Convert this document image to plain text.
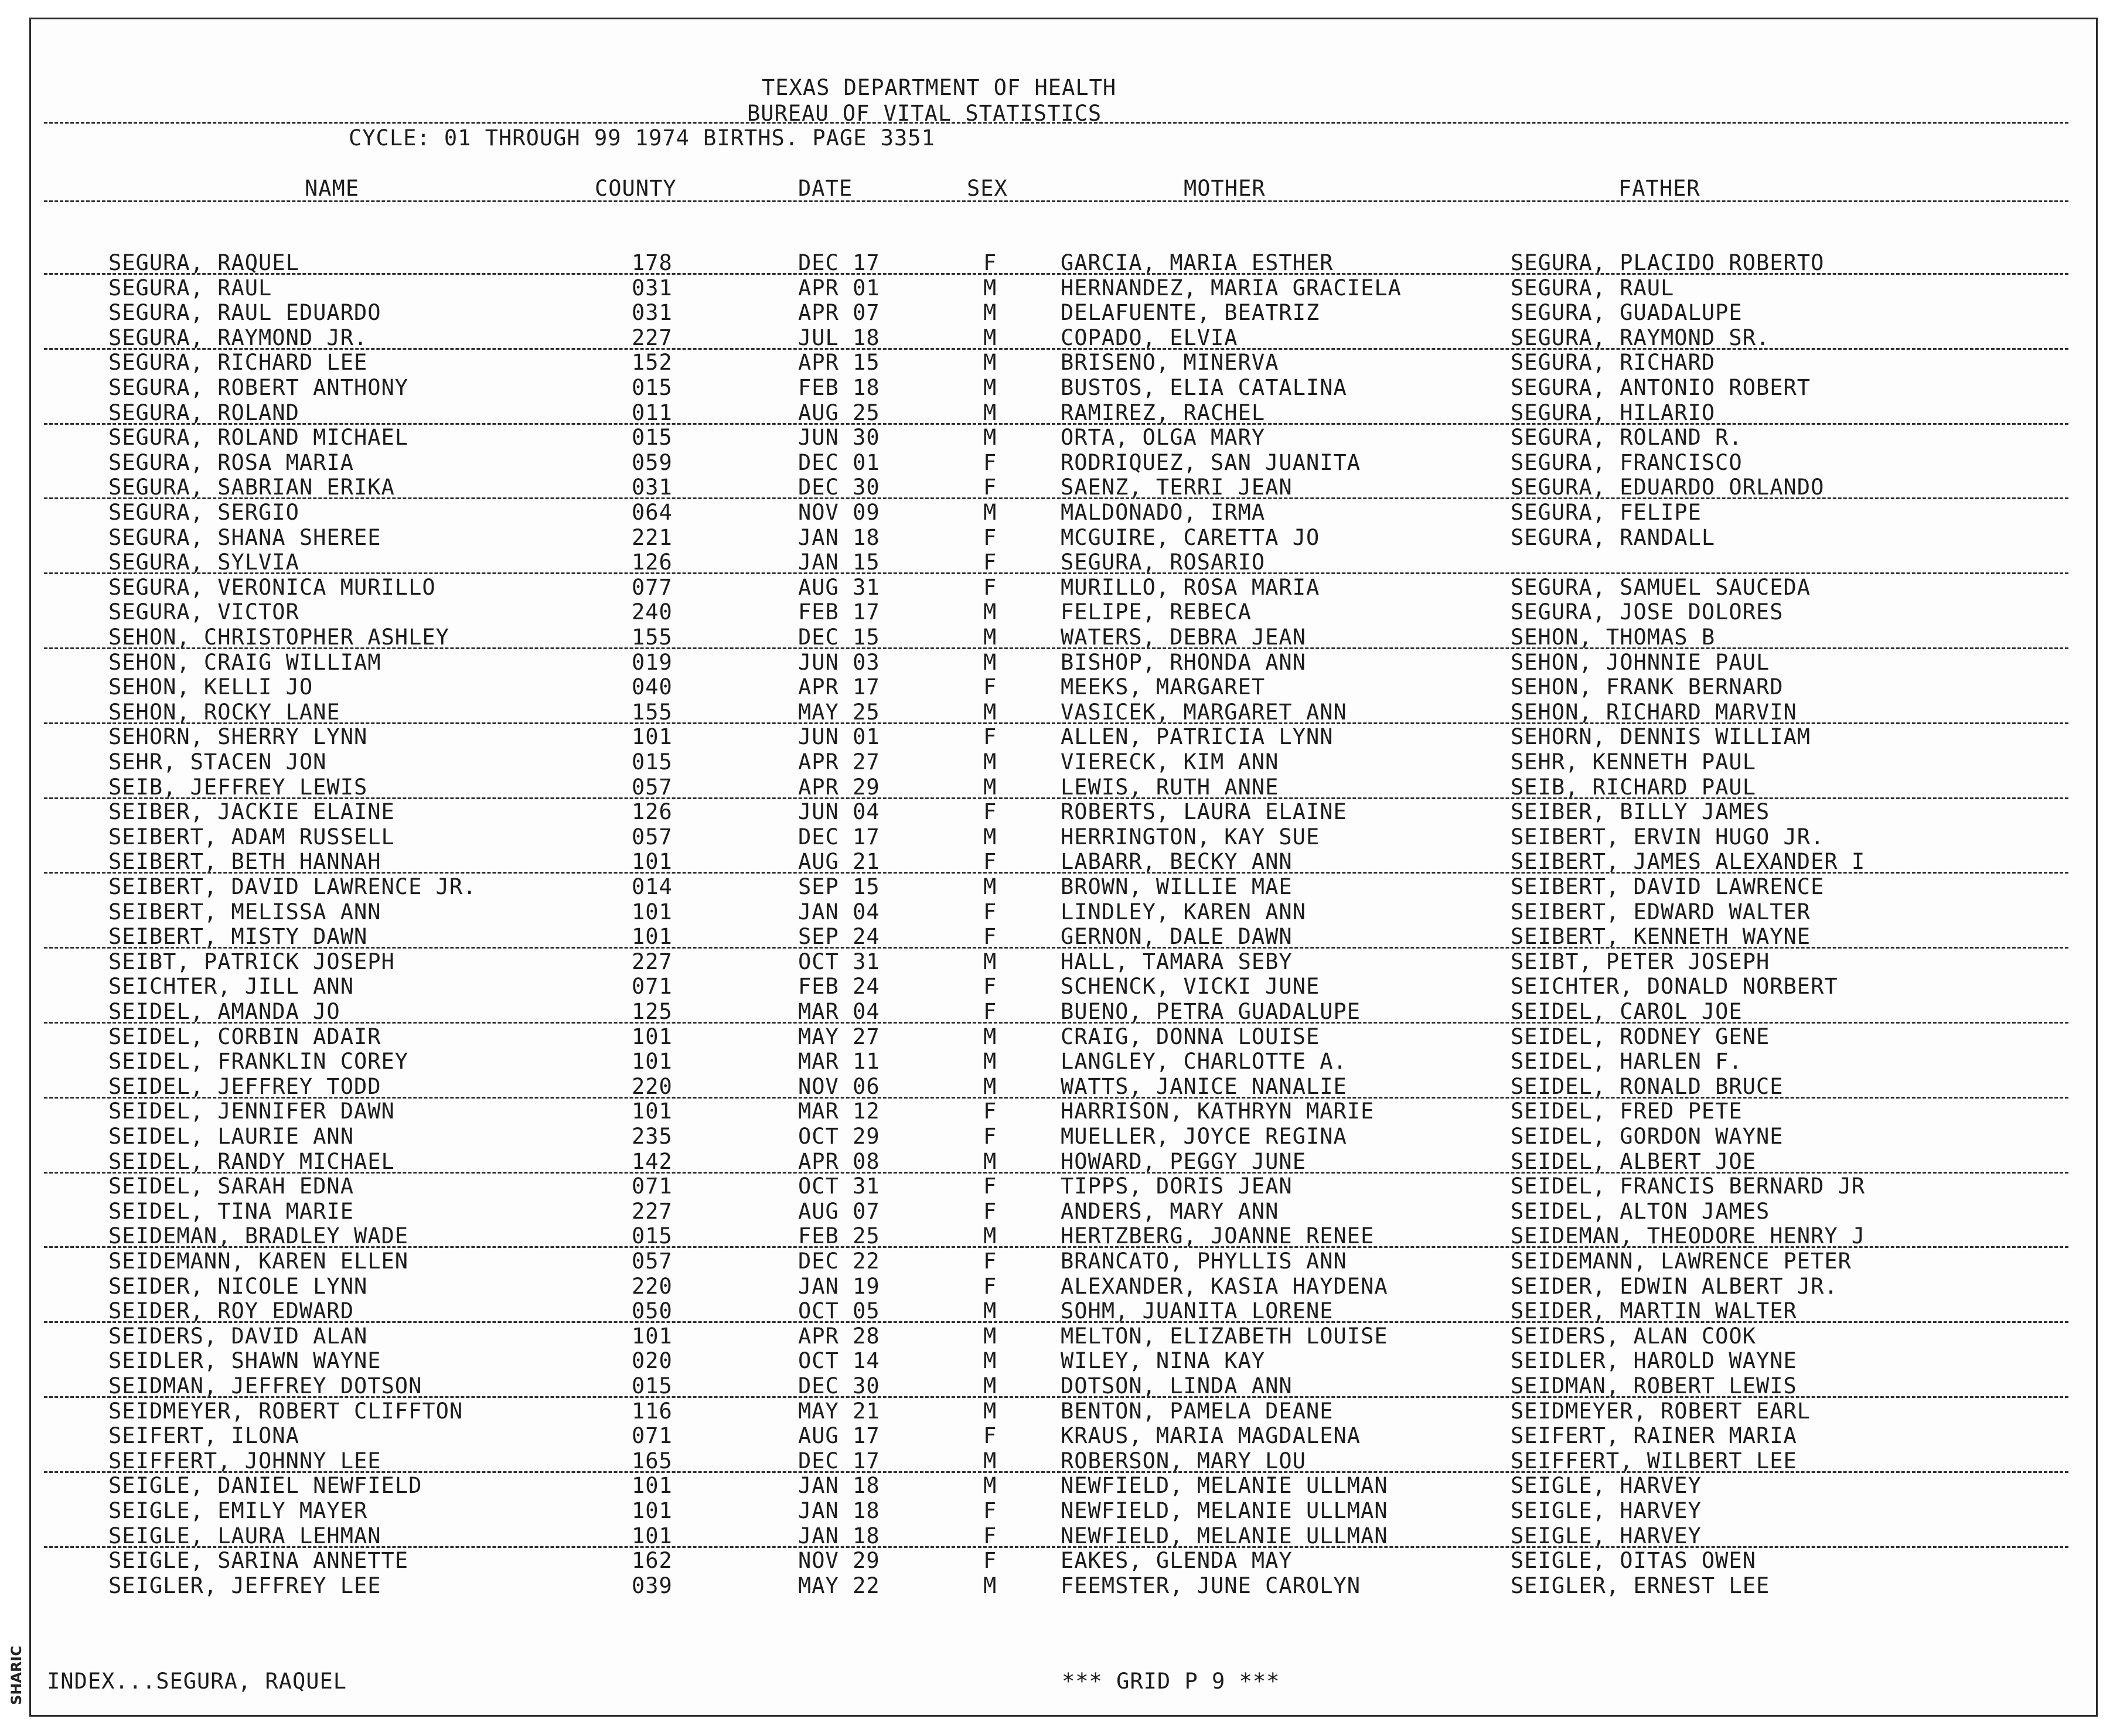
TEXAS DEPARTMENT OF HEALTH
BUREAU OF VITAL STATISTICS
CYCLE: 01 THROUGH 99 1974 BIRTHS. PAGE 3351
NAME	COUNTY	DATE	SEX	MOTHER	FATHER
SEGURA, RAQUEL	178	DEC 17	F	GARCIA, MARIA ESTHER	SEGURA, PLACIDO ROBERTO
SEGURA, RAUL	031	APR 01	M	HERNANDEZ, MARIA GRACIELA	SEGURA, RAUL
SEGURA, RAUL EDUARDO	031	APR 07	M	DELAFUENTE, BEATRIZ	SEGURA, GUADALUPE
SEGURA, RAYMOND JR.	227	JUL 18	M	COPADO, ELVIA	SEGURA, RAYMOND SR.
SEGURA, RICHARD LEE	152	APR 15	M	BRISENO, MINERVA	SEGURA, RICHARD
SEGURA, ROBERT ANTHONY	015	FEB 18	M	BUSTOS, ELIA CATALINA	SEGURA, ANTONIO ROBERT
SEGURA, ROLAND	011	AUG 25	M	RAMIREZ, RACHEL	SEGURA, HILARIO
SEGURA, ROLAND MICHAEL	015	JUN 30	M	ORTA, OLGA MARY	SEGURA, ROLAND R.
SEGURA, ROSA MARIA	059	DEC 01	F	RODRIQUEZ, SAN JUANITA	SEGURA, FRANCISCO
SEGURA, SABRIAN ERIKA	031	DEC 30	F	SAENZ, TERRI JEAN	SEGURA, EDUARDO ORLANDO
SEGURA, SERGIO	064	NOV 09	M	MALDONADO, IRMA	SEGURA, FELIPE
SEGURA, SHANA SHEREE	221	JAN 18	F	MCGUIRE, CARETTA JO	SEGURA, RANDALL
SEGURA, SYLVIA	126	JAN 15	F	SEGURA, ROSARIO
SEGURA, VERONICA MURILLO	077	AUG 31	F	MURILLO, ROSA MARIA	SEGURA, SAMUEL SAUCEDA
SEGURA, VICTOR	240	FEB 17	M	FELIPE, REBECA	SEGURA, JOSE DOLORES
SEHON, CHRISTOPHER ASHLEY	155	DEC 15	M	WATERS, DEBRA JEAN	SEHON, THOMAS B
SEHON, CRAIG WILLIAM	019	JUN 03	M	BISHOP, RHONDA ANN	SEHON, JOHNNIE PAUL
SEHON, KELLI JO	040	APR 17	F	MEEKS, MARGARET	SEHON, FRANK BERNARD
SEHON, ROCKY LANE	155	MAY 25	M	VASICEK, MARGARET ANN	SEHON, RICHARD MARVIN
SEHORN, SHERRY LYNN	101	JUN 01	F	ALLEN, PATRICIA LYNN	SEHORN, DENNIS WILLIAM
SEHR, STACEN JON	015	APR 27	M	VIERECK, KIM ANN	SEHR, KENNETH PAUL
SEIB, JEFFREY LEWIS	057	APR 29	M	LEWIS, RUTH ANNE	SEIB, RICHARD PAUL
SEIBER, JACKIE ELAINE	126	JUN 04	F	ROBERTS, LAURA ELAINE	SEIBER, BILLY JAMES
SEIBERT, ADAM RUSSELL	057	DEC 17	M	HERRINGTON, KAY SUE	SEIBERT, ERVIN HUGO JR.
SEIBERT, BETH HANNAH	101	AUG 21	F	LABARR, BECKY ANN	SEIBERT, JAMES ALEXANDER I
SEIBERT, DAVID LAWRENCE JR.	014	SEP 15	M	BROWN, WILLIE MAE	SEIBERT, DAVID LAWRENCE
SEIBERT, MELISSA ANN	101	JAN 04	F	LINDLEY, KAREN ANN	SEIBERT, EDWARD WALTER
SEIBERT, MISTY DAWN	101	SEP 24	F	GERNON, DALE DAWN	SEIBERT, KENNETH WAYNE
SEIBT, PATRICK JOSEPH	227	OCT 31	M	HALL, TAMARA SEBY	SEIBT, PETER JOSEPH
SEICHTER, JILL ANN	071	FEB 24	F	SCHENCK, VICKI JUNE	SEICHTER, DONALD NORBERT
SEIDEL, AMANDA JO	125	MAR 04	F	BUENO, PETRA GUADALUPE	SEIDEL, CAROL JOE
SEIDEL, CORBIN ADAIR	101	MAY 27	M	CRAIG, DONNA LOUISE	SEIDEL, RODNEY GENE
SEIDEL, FRANKLIN COREY	101	MAR 11	M	LANGLEY, CHARLOTTE A.	SEIDEL, HARLEN F.
SEIDEL, JEFFREY TODD	220	NOV 06	M	WATTS, JANICE NANALIE	SEIDEL, RONALD BRUCE
SEIDEL, JENNIFER DAWN	101	MAR 12	F	HARRISON, KATHRYN MARIE	SEIDEL, FRED PETE
SEIDEL, LAURIE ANN	235	OCT 29	F	MUELLER, JOYCE REGINA	SEIDEL, GORDON WAYNE
SEIDEL, RANDY MICHAEL	142	APR 08	M	HOWARD, PEGGY JUNE	SEIDEL, ALBERT JOE
SEIDEL, SARAH EDNA	071	OCT 31	F	TIPPS, DORIS JEAN	SEIDEL, FRANCIS BERNARD JR
SEIDEL, TINA MARIE	227	AUG 07	F	ANDERS, MARY ANN	SEIDEL, ALTON JAMES
SEIDEMAN, BRADLEY WADE	015	FEB 25	M	HERTZBERG, JOANNE RENEE	SEIDEMAN, THEODORE HENRY J
SEIDEMANN, KAREN ELLEN	057	DEC 22	F	BRANCATO, PHYLLIS ANN	SEIDEMANN, LAWRENCE PETER
SEIDER, NICOLE LYNN	220	JAN 19	F	ALEXANDER, KASIA HAYDENA	SEIDER, EDWIN ALBERT JR.
SEIDER, ROY EDWARD	050	OCT 05	M	SOHM, JUANITA LORENE	SEIDER, MARTIN WALTER
SEIDERS, DAVID ALAN	101	APR 28	M	MELTON, ELIZABETH LOUISE	SEIDERS, ALAN COOK
SEIDLER, SHAWN WAYNE	020	OCT 14	M	WILEY, NINA KAY	SEIDLER, HAROLD WAYNE
SEIDMAN, JEFFREY DOTSON	015	DEC 30	M	DOTSON, LINDA ANN	SEIDMAN, ROBERT LEWIS
SEIDMEYER, ROBERT CLIFFTON	116	MAY 21	M	BENTON, PAMELA DEANE	SEIDMEYER, ROBERT EARL
SEIFERT, ILONA	071	AUG 17	F	KRAUS, MARIA MAGDALENA	SEIFERT, RAINER MARIA
SEIFFERT, JOHNNY LEE	165	DEC 17	M	ROBERSON, MARY LOU	SEIFFERT, WILBERT LEE
SEIGLE, DANIEL NEWFIELD	101	JAN 18	M	NEWFIELD, MELANIE ULLMAN	SEIGLE, HARVEY
SEIGLE, EMILY MAYER	101	JAN 18	F	NEWFIELD, MELANIE ULLMAN	SEIGLE, HARVEY
SEIGLE, LAURA LEHMAN	101	JAN 18	F	NEWFIELD, MELANIE ULLMAN	SEIGLE, HARVEY
SEIGLE, SARINA ANNETTE	162	NOV 29	F	EAKES, GLENDA MAY	SEIGLE, OITAS OWEN
SEIGLER, JEFFREY LEE	039	MAY 22	M	FEEMSTER, JUNE CAROLYN	SEIGLER, ERNEST LEE
INDEX...SEGURA, RAQUEL	*** GRID P 9 ***
SHARIC
